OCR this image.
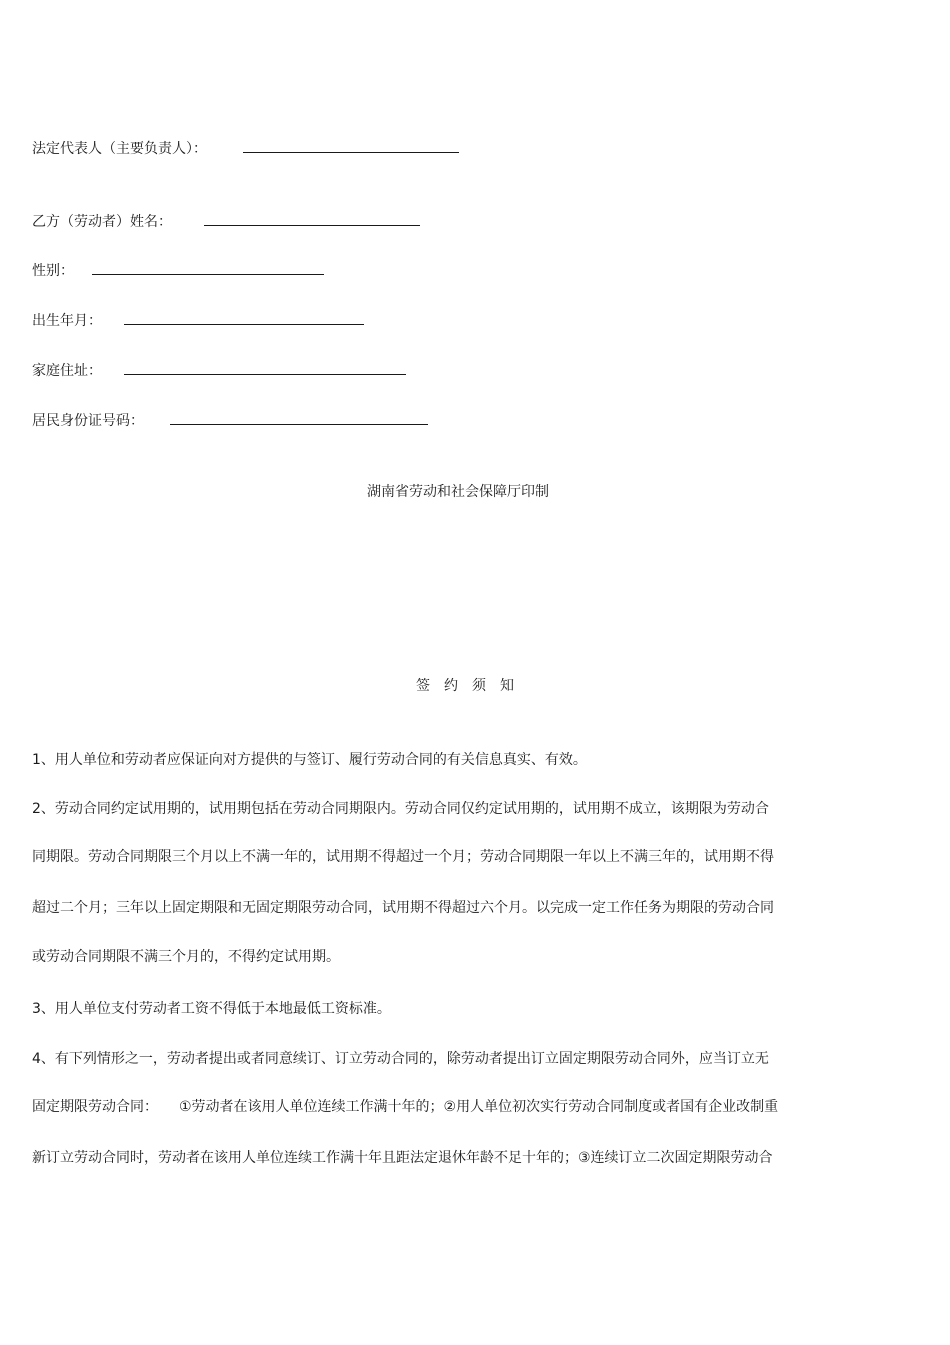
法定代表人（主要负责人）：
乙方（劳动者）姓名：
性别：
出生年月：
家庭住址：
居民身份证号码：
湖南省劳动和社会保障厅印制
签约须知
1、用人单位和劳动者应保证向对方提供的与签订、履行劳动合同的有关信息真实、有效。
2、劳动合同约定试用期的，试用期包括在劳动合同期限内。劳动合同仅约定试用期的，试用期不成立，该期限为劳动合
同期限。劳动合同期限三个月以上不满一年的，试用期不得超过一个月；劳动合同期限一年以上不满三年的，试用期不得
超过二个月；三年以上固定期限和无固定期限劳动合同，试用期不得超过六个月。以完成一定工作任务为期限的劳动合同
或劳动合同期限不满三个月的，不得约定试用期。
3、用人单位支付劳动者工资不得低于本地最低工资标准。
4、有下列情形之一，劳动者提出或者同意续订、订立劳动合同的，除劳动者提出订立固定期限劳动合同外，应当订立无
固定期限劳动合同：　　①劳动者在该用人单位连续工作满十年的；②用人单位初次实行劳动合同制度或者国有企业改制重
新订立劳动合同时，劳动者在该用人单位连续工作满十年且距法定退休年龄不足十年的；③连续订立二次固定期限劳动合
